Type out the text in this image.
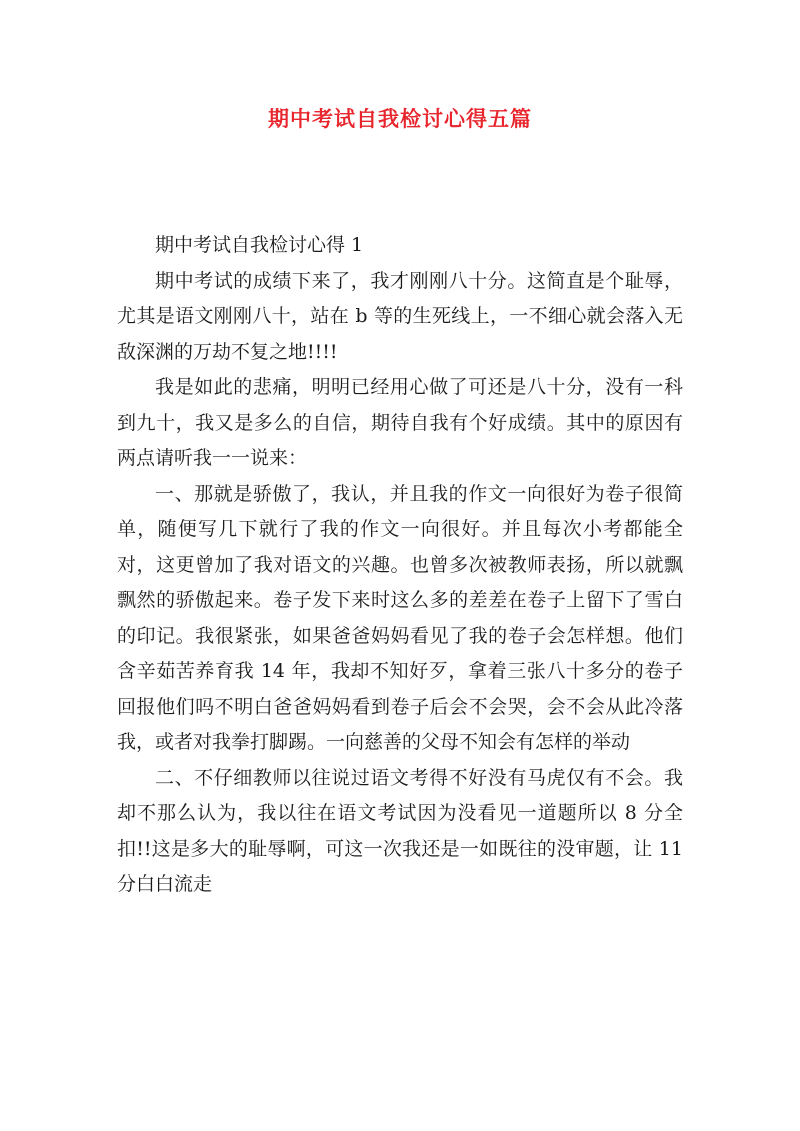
期中考试自我检讨心得五篇

期中考试自我检讨心得 1

期中考试的成绩下来了，我才刚刚八十分。这简直是个耻辱，尤其是语文刚刚八十，站在 b 等的生死线上，一不细心就会落入无敌深渊的万劫不复之地!!!!

我是如此的悲痛，明明已经用心做了可还是八十分，没有一科到九十，我又是多么的自信，期待自我有个好成绩。其中的原因有两点请听我一一说来：

一、那就是骄傲了，我认，并且我的作文一向很好为卷子很简单，随便写几下就行了我的作文一向很好。并且每次小考都能全对，这更曾加了我对语文的兴趣。也曾多次被教师表扬，所以就飘飘然的骄傲起来。卷子发下来时这么多的差差在卷子上留下了雪白的印记。我很紧张，如果爸爸妈妈看见了我的卷子会怎样想。他们含辛茹苦养育我 14 年，我却不知好歹，拿着三张八十多分的卷子回报他们吗不明白爸爸妈妈看到卷子后会不会哭，会不会从此冷落我，或者对我拳打脚踢。一向慈善的父母不知会有怎样的举动

二、不仔细教师以往说过语文考得不好没有马虎仅有不会。我却不那么认为，我以往在语文考试因为没看见一道题所以 8 分全扣!!这是多大的耻辱啊，可这一次我还是一如既往的没审题，让 11 分白白流走
